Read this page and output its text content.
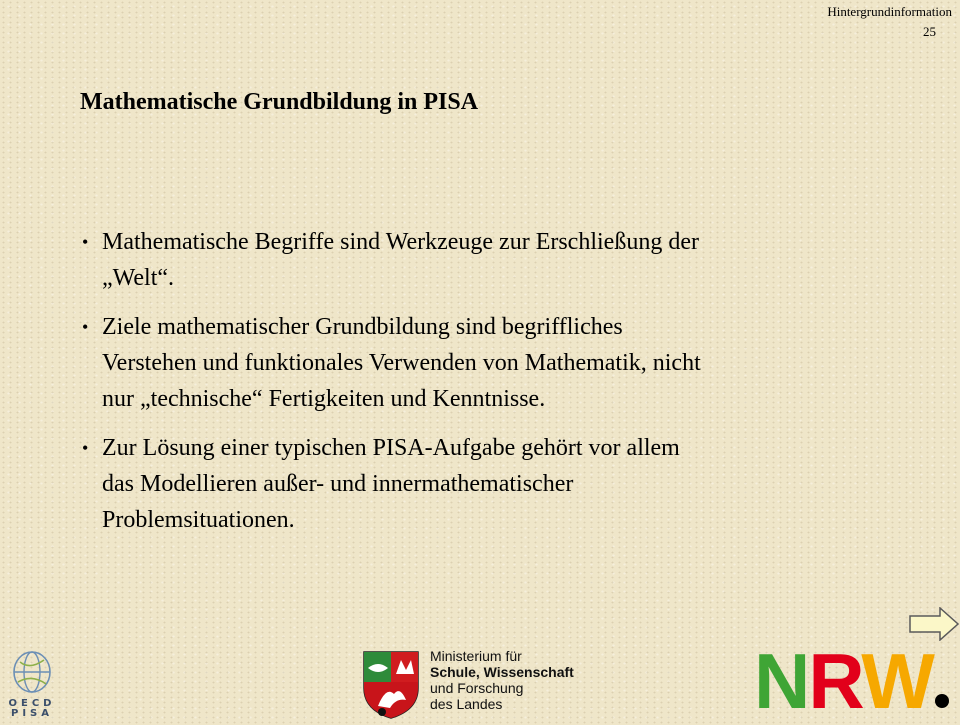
Hintergrundinformation
25
Mathematische Grundbildung in PISA
• Mathematische Begriffe sind Werkzeuge zur Erschließung der
„Welt“.
• Ziele mathematischer Grundbildung sind begriffliches
Verstehen und funktionales Verwenden von Mathematik, nicht
nur „technische“ Fertigkeiten und Kenntnisse.
• Zur Lösung einer typischen PISA-Aufgabe gehört vor allem
das Modellieren außer- und innermathematischer
Problemsituationen.
OECD
PISA
Ministerium für
Schule, Wissenschaft
und Forschung
des Landes	NRW
